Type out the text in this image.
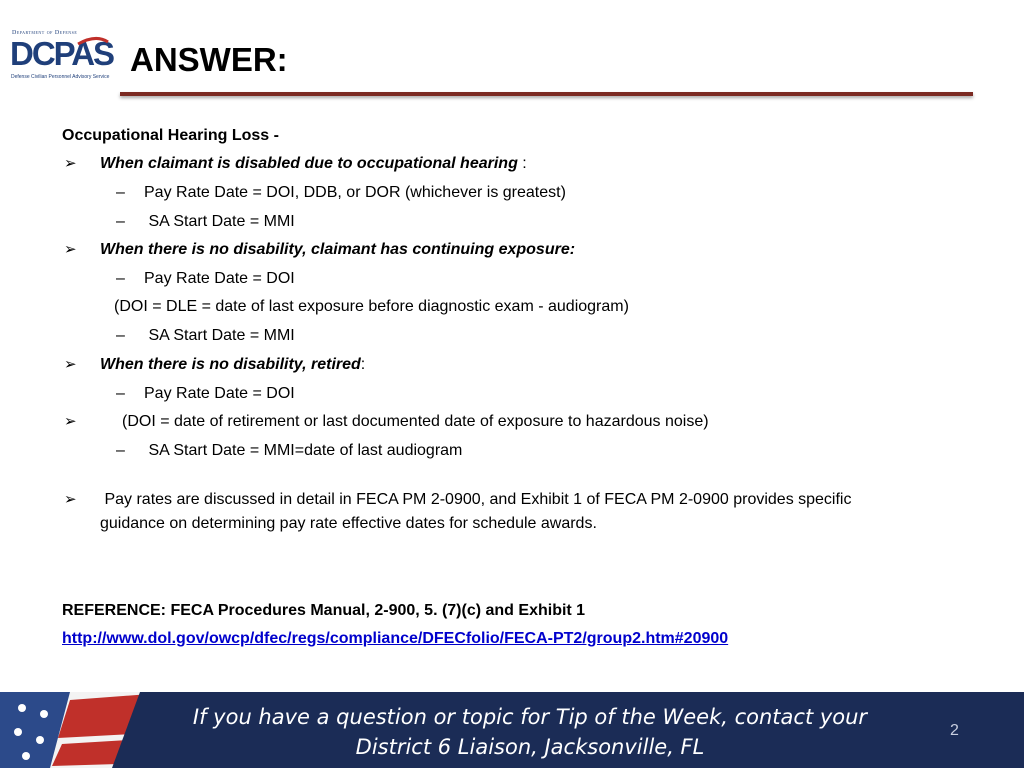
Department of Defense
DCPAS
Defense Civilian Personnel Advisory Service ANSWER:
Occupational Hearing Loss -
➢ When claimant is disabled due to occupational hearing :
– Pay Rate Date = DOI, DDB, or DOR (whichever is greatest)
– SA Start Date = MMI
➢ When there is no disability, claimant has continuing exposure:
– Pay Rate Date = DOI
(DOI = DLE = date of last exposure before diagnostic exam - audiogram)
– SA Start Date = MMI
➢ When there is no disability, retired:
– Pay Rate Date = DOI
➢	(DOI = date of retirement or last documented date of exposure to hazardous noise)
– SA Start Date = MMI=date of last audiogram
➢ Pay rates are discussed in detail in FECA PM 2-0900, and Exhibit 1 of FECA PM 2-0900 provides specific
guidance on determining pay rate effective dates for schedule awards.
REFERENCE: FECA Procedures Manual, 2-900, 5. (7)(c) and Exhibit 1
http://www.dol.gov/owcp/dfec/regs/compliance/DFECfolio/FECA-PT2/group2.htm#20900
If you have a question or topic for Tip of the Week, contact your
District 6 Liaison, Jacksonville, FL
2
